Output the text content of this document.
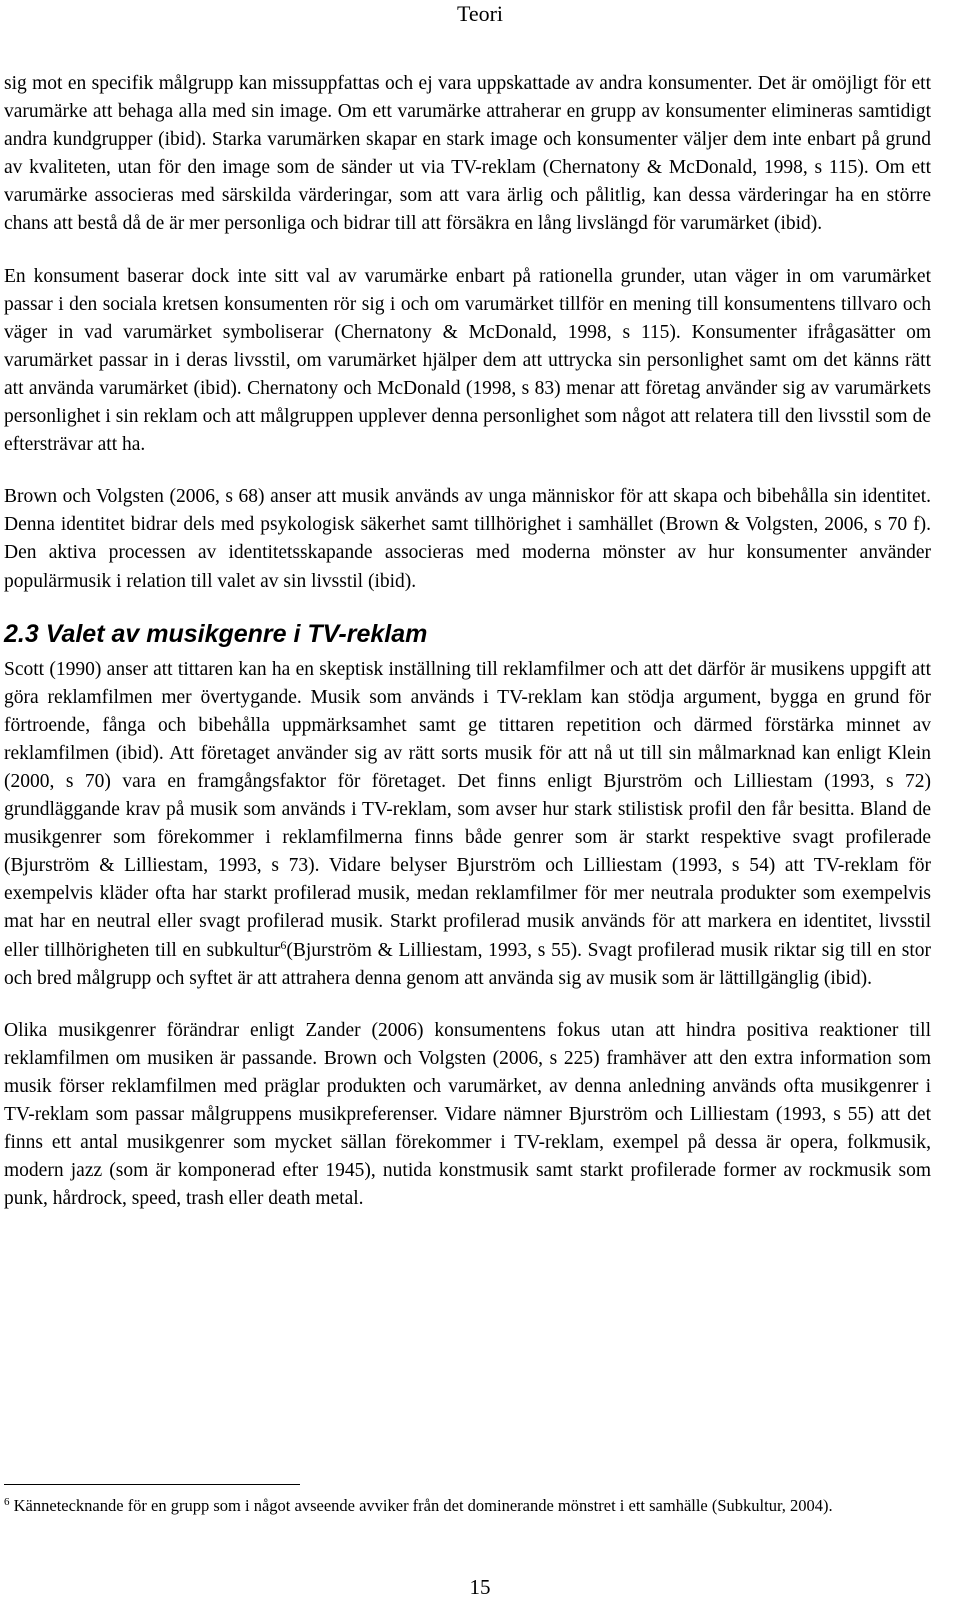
Teori

sig mot en specifik målgrupp kan missuppfattas och ej vara uppskattade av andra konsumenter. Det är omöjligt för ett varumärke att behaga alla med sin image. Om ett varumärke attraherar en grupp av konsumenter elimineras samtidigt andra kundgrupper (ibid). Starka varumärken skapar en stark image och konsumenter väljer dem inte enbart på grund av kvaliteten, utan för den image som de sänder ut via TV-reklam (Chernatony & McDonald, 1998, s 115). Om ett varumärke associeras med särskilda värderingar, som att vara ärlig och pålitlig, kan dessa värderingar ha en större chans att bestå då de är mer personliga och bidrar till att försäkra en lång livslängd för varumärket (ibid).

En konsument baserar dock inte sitt val av varumärke enbart på rationella grunder, utan väger in om varumärket passar i den sociala kretsen konsumenten rör sig i och om varumärket tillför en mening till konsumentens tillvaro och väger in vad varumärket symboliserar (Chernatony & McDonald, 1998, s 115). Konsumenter ifrågasätter om varumärket passar in i deras livsstil, om varumärket hjälper dem att uttrycka sin personlighet samt om det känns rätt att använda varumärket (ibid). Chernatony och McDonald (1998, s 83) menar att företag använder sig av varumärkets personlighet i sin reklam och att målgruppen upplever denna personlighet som något att relatera till den livsstil som de eftersträvar att ha.

Brown och Volgsten (2006, s 68) anser att musik används av unga människor för att skapa och bibehålla sin identitet. Denna identitet bidrar dels med psykologisk säkerhet samt tillhörighet i samhället (Brown & Volgsten, 2006, s 70 f). Den aktiva processen av identitetsskapande associeras med moderna mönster av hur konsumenter använder populärmusik i relation till valet av sin livsstil (ibid).

2.3 Valet av musikgenre i TV-reklam

Scott (1990) anser att tittaren kan ha en skeptisk inställning till reklamfilmer och att det därför är musikens uppgift att göra reklamfilmen mer övertygande. Musik som används i TV-reklam kan stödja argument, bygga en grund för förtroende, fånga och bibehålla uppmärksamhet samt ge tittaren repetition och därmed förstärka minnet av reklamfilmen (ibid). Att företaget använder sig av rätt sorts musik för att nå ut till sin målmarknad kan enligt Klein (2000, s 70) vara en framgångsfaktor för företaget. Det finns enligt Bjurström och Lilliestam (1993, s 72) grundläggande krav på musik som används i TV-reklam, som avser hur stark stilistisk profil den får besitta. Bland de musikgenrer som förekommer i reklamfilmerna finns både genrer som är starkt respektive svagt profilerade (Bjurström & Lilliestam, 1993, s 73). Vidare belyser Bjurström och Lilliestam (1993, s 54) att TV-reklam för exempelvis kläder ofta har starkt profilerad musik, medan reklamfilmer för mer neutrala produkter som exempelvis mat har en neutral eller svagt profilerad musik. Starkt profilerad musik används för att markera en identitet, livsstil eller tillhörigheten till en subkultur$^6$(Bjurström & Lilliestam, 1993, s 55). Svagt profilerad musik riktar sig till en stor och bred målgrupp och syftet är att attrahera denna genom att använda sig av musik som är lättillgänglig (ibid).

Olika musikgenrer förändrar enligt Zander (2006) konsumentens fokus utan att hindra positiva reaktioner till reklamfilmen om musiken är passande. Brown och Volgsten (2006, s 225) framhäver att den extra information som musik förser reklamfilmen med präglar produkten och varumärket, av denna anledning används ofta musikgenrer i TV-reklam som passar målgruppens musikpreferenser. Vidare nämner Bjurström och Lilliestam (1993, s 55) att det finns ett antal musikgenrer som mycket sällan förekommer i TV-reklam, exempel på dessa är opera, folkmusik, modern jazz (som är komponerad efter 1945), nutida konstmusik samt starkt profilerade former av rockmusik som punk, hårdrock, speed, trash eller death metal.

$^6$ Kännetecknande för en grupp som i något avseende avviker från det dominerande mönstret i ett samhälle (Subkultur, 2004).

15
